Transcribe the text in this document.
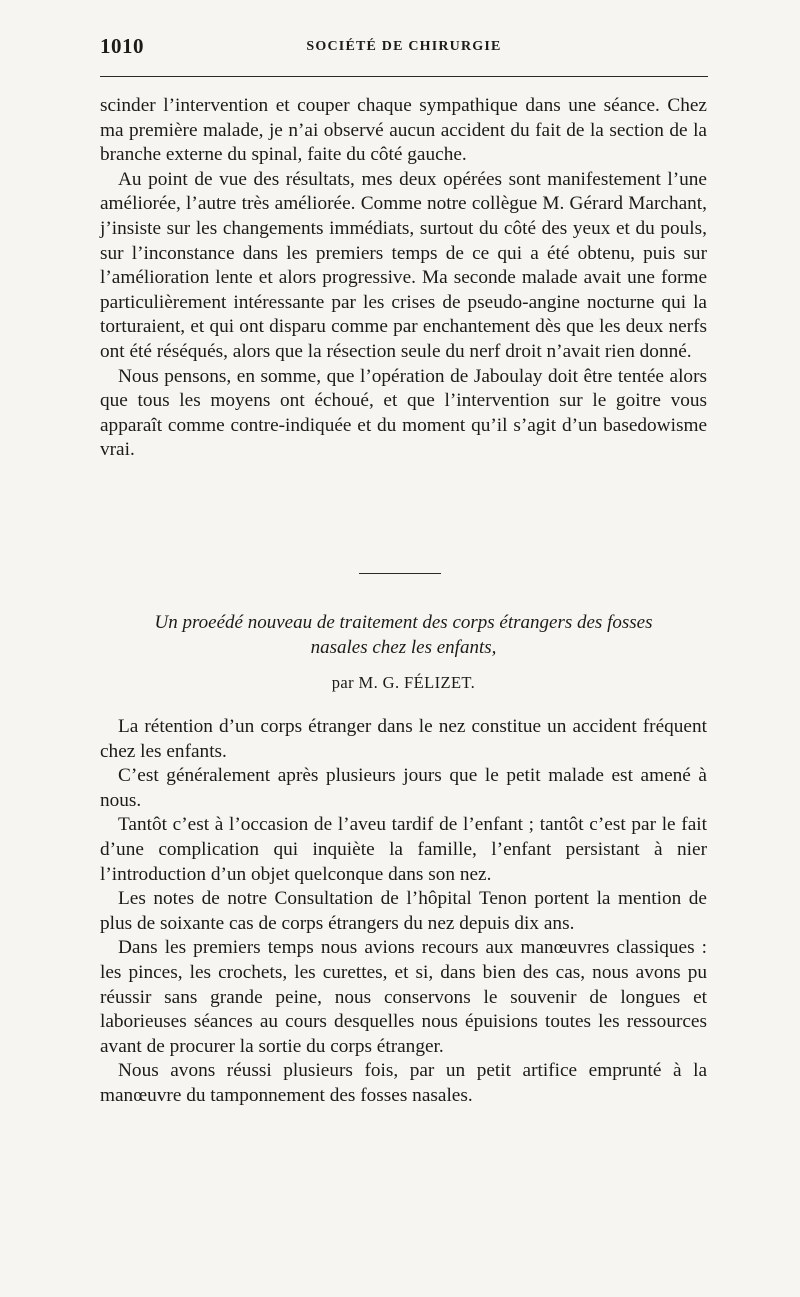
1010	SOCIÉTÉ DE CHIRURGIE

scinder l’intervention et couper chaque sympathique dans une séance. Chez ma première malade, je n’ai observé aucun accident du fait de la section de la branche externe du spinal, faite du côté gauche.

Au point de vue des résultats, mes deux opérées sont manifestement l’une améliorée, l’autre très améliorée. Comme notre collègue M. Gérard Marchant, j’insiste sur les changements immédiats, surtout du côté des yeux et du pouls, sur l’inconstance dans les premiers temps de ce qui a été obtenu, puis sur l’amélioration lente et alors progressive. Ma seconde malade avait une forme particulièrement intéressante par les crises de pseudo-angine nocturne qui la torturaient, et qui ont disparu comme par enchantement dès que les deux nerfs ont été réséqués, alors que la résection seule du nerf droit n’avait rien donné.

Nous pensons, en somme, que l’opération de Jaboulay doit être tentée alors que tous les moyens ont échoué, et que l’intervention sur le goitre vous apparaît comme contre-indiquée et du moment qu’il s’agit d’un basedowisme vrai.

Un proeédé nouveau de traitement des corps étrangers des fosses
nasales chez les enfants,
par M. G. FÉLIZET.

La rétention d’un corps étranger dans le nez constitue un accident fréquent chez les enfants.

C’est généralement après plusieurs jours que le petit malade est amené à nous.

Tantôt c’est à l’occasion de l’aveu tardif de l’enfant ; tantôt c’est par le fait d’une complication qui inquiète la famille, l’enfant persistant à nier l’introduction d’un objet quelconque dans son nez.

Les notes de notre Consultation de l’hôpital Tenon portent la mention de plus de soixante cas de corps étrangers du nez depuis dix ans.

Dans les premiers temps nous avions recours aux manœuvres classiques : les pinces, les crochets, les curettes, et si, dans bien des cas, nous avons pu réussir sans grande peine, nous conservons le souvenir de longues et laborieuses séances au cours desquelles nous épuisions toutes les ressources avant de procurer la sortie du corps étranger.

Nous avons réussi plusieurs fois, par un petit artifice emprunté à la manœuvre du tamponnement des fosses nasales.
